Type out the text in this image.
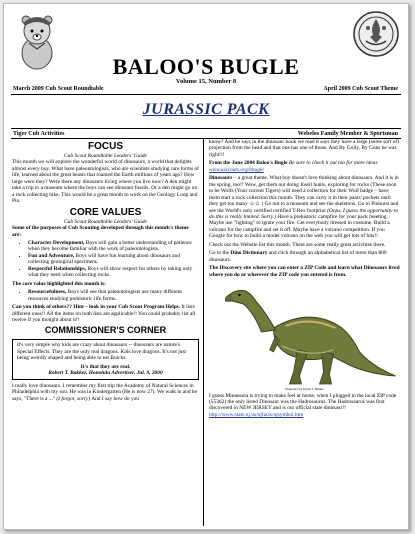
BALOO'S BUGLE
Volume 15, Number 8
March 2009 Cub Scout Roundtable	April 2009 Cub Scout Theme
JURASSIC PACK
Tiger Cub Activities	Webelos Family Member & Sportsman
FOCUS
Cub Scout Roundtable Leaders' Guide

This month we will explore the wonderful world of dinosaurs, a world that delights almost every boy. What have paleontologists, who are scientists studying rare forms of life, learned about the great beasts that roamed the Earth millions of years ago? How large were they? Were there any dinosaurs living where you live now? A den might take a trip to a museum where the boys can see dinosaur fossils. Or a den might go on a rock collecting hike. This would be a great month to work on the Geology Loop and Pin.

CORE VALUES
Cub Scout Roundtable Leaders' Guide

Some of the purposes of Cub Scouting developed through this month's theme are:

• Character Development, Boys will gain a better understanding of patience when they become familiar with the work of paleontologists.
• Fun and Adventure, Boys will have fun learning about dinosaurs and collecting geological specimens.
• Respectful Relationships, Boys will show respect for others by taking only what they need when collecting rocks.

The core value highlighted this month is:

• Resourcefulness, Boys will see that paleontologists use many different resources studying prehistoric life forms.

Can you think of others?? Hint – look in your Cub Scout Program Helps. It lists different ones!! All the items on both lists are applicable!! You could probably list all twelve if you thought about it!!

COMMISSIONER'S CORNER

It's very simple why kids are crazy about dinosaurs -- dinosaurs are nature's Special Effects. They are the only real dragons. Kids love dragons. It's not just being weirdly shaped and being able to eat Buicks.

It's that they are real.
Robert T. Bakker, Honolulu Advertiser, Jul. 9, 2000

I really love dinosaurs. I remember my first trip the Academy of Natural Sciences in Philadelphia with my son. He was in Kindergarten (He is now 27). We walk in and he says, "There is a ..." (I forgot, sorry) And I say how do you

know? And he says in the dinosaur book we read it says they have a large (some sort of) projection from the head and that one has one of those. And By Golly, By Guns he was right!!!

From the June 2004 Baloo's Bugle Be sure to check it out too for more ideas www.usscouts.org/bbugle

Dinosaurs – a great theme. What boy doesn't love thinking about dinosaurs. And it is in the spring, too!! Wow, get them out doing fossil hunts, exploring for rocks (These soon to be Wolfs (Your current Tigers) will need a collection for their Wolf badge – have them start a rock collection this month. They can carry it in their pants' pockets until they get too many ☺☺ ) Go out to a museum and see the skeletons. Go to Pinhurst and see the World's only certified certified T-Rex footprint (Oops, I guess the opportunity to do this is really limited. Sorry.) Have a prehistoric campfire for your pack meeting. Maybe use "lighting" to ignite your fire. Get everybody dressed in costume. Build a volcano for the campfire and set it off. Maybe have a volcano competition. If you Google for how to build a model volcano on the web you will get lots of hits!!

Check out the Website list this month. There are some really great activities there.

Go to the Dino Dictionary and click through an alphabetical list of more than 800 dinosaurs.

The Discovery site where you can enter a ZIP Code and learn what Dinosaurs lived where you do or wherever the ZIP code you entered is from.

Illustration by Robert T. Bakker

I guess Minnesota is trying to make feel at home, when I plugged in the local ZIP code (55362) the only listed Dinosaur was the Hadrosaurus. The Hadrosaurus was first discovered in NEW JERSEY and is our official state dinosaur!! http://www.state.nj.us/njfacts/njsymbol.htm
